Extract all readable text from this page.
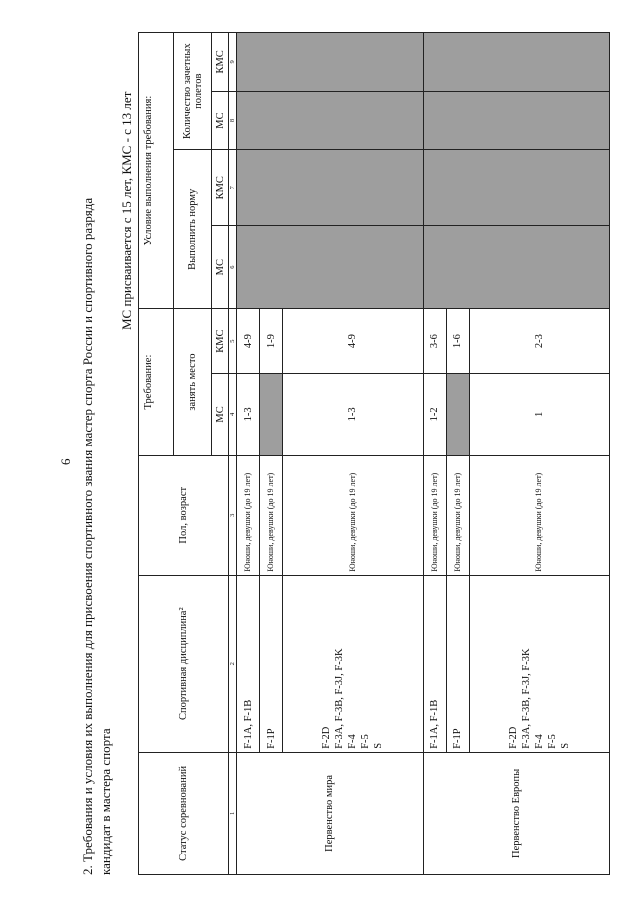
6 2. Требования и условия их выполнения для присвоения спортивного звания мастер спорта России и спортивного разряда кандидат в мастера спорта
МС присваивается с 15 лет, КМС - с 13 лет
Статус соревнований	Спортивная дисциплина²	Пол, возраст	Требование:		Условие выполнения требования:			
			занять место		Выполнить норму		Количество зачетных полетов	
			МС	КМС	МС	КМС	МС	КМС
1	2	3	4	5	6	7	8	9
Первенство мира	F-1A, F-1B	Юноши, девушки (до 19 лет)	1-3	4-9				

	F-1P	Юноши, девушки (до 19 лет)		1-9				

	F-2D F-3A, F-3B, F-3J, F-3K F-4 F-5 S	Юноши, девушки (до 19 лет)	1-3	4-9				
Первенство Европы	F-1A, F-1B	Юноши, девушки (до 19 лет)	1-2	3-6				

	F-1P	Юноши, девушки (до 19 лет)		1-6				

	F-2D F-3A, F-3B, F-3J, F-3K F-4 F-5 S	Юноши, девушки (до 19 лет)	1	2-3				
